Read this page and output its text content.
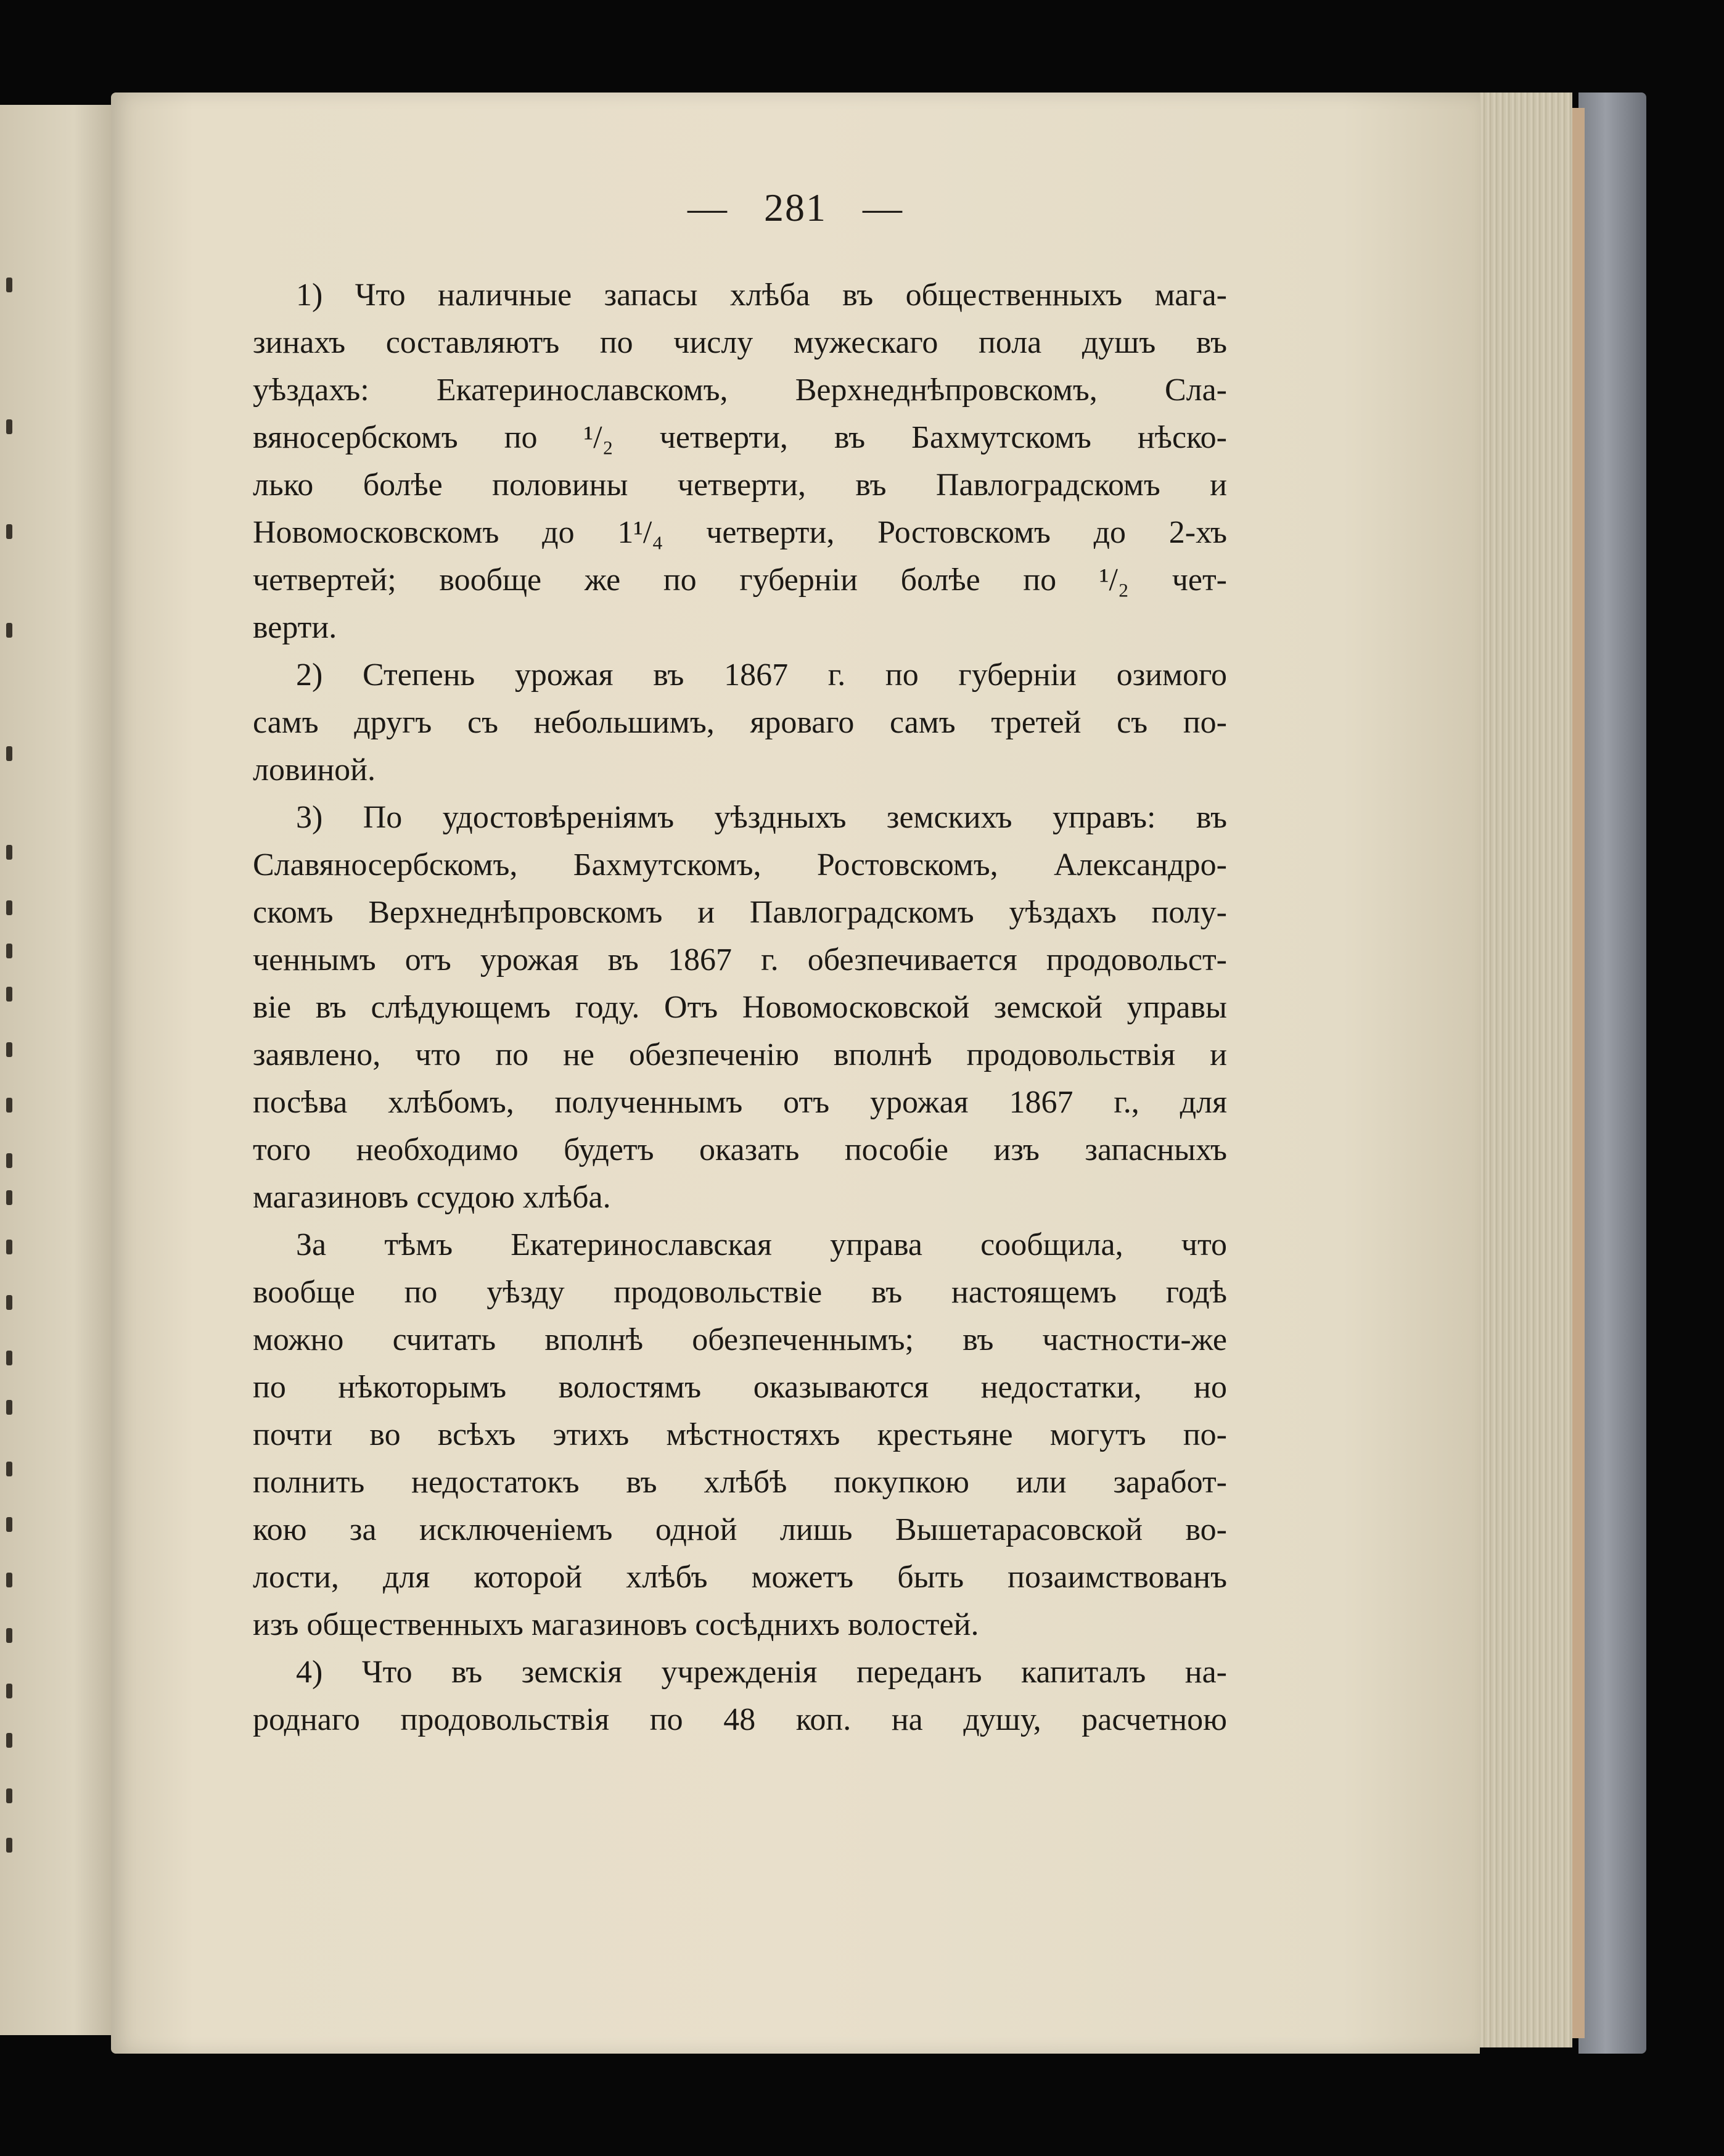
— 281 —
1) Что наличные запасы хлѣба въ общественныхъ мага-
зинахъ составляютъ по числу мужескаго пола душъ въ
уѣздахъ: Екатеринославскомъ, Верхнеднѣпровскомъ, Сла-
вяносербскомъ по ¹/₂ четверти, въ Бахмутскомъ нѣско-
лько болѣе половины четверти, въ Павлоградскомъ и
Новомосковскомъ до 1¹/₄ четверти, Ростовскомъ до 2-хъ
четвертей; вообще же по губерніи болѣе по ¹/₂ чет-
верти.
2) Степень урожая въ 1867 г. по губерніи озимого
самъ другъ съ небольшимъ, яроваго самъ третей съ по-
ловиной.
3) По удостовѣреніямъ уѣздныхъ земскихъ управъ: въ
Славяносербскомъ, Бахмутскомъ, Ростовскомъ, Александро-
скомъ Верхнеднѣпровскомъ и Павлоградскомъ уѣздахъ полу-
ченнымъ отъ урожая въ 1867 г. обезпечивается продовольст-
віе въ слѣдующемъ году. Отъ Новомосковской земской управы
заявлено, что по не обезпеченію вполнѣ продовольствія и
посѣва хлѣбомъ, полученнымъ отъ урожая 1867 г., для
того необходимо будетъ оказать пособіе изъ запасныхъ
магазиновъ ссудою хлѣба.
За тѣмъ Екатеринославская управа сообщила, что
вообще по уѣзду продовольствіе въ настоящемъ годѣ
можно считать вполнѣ обезпеченнымъ; въ частности-же
по нѣкоторымъ волостямъ оказываются недостатки, но
почти во всѣхъ этихъ мѣстностяхъ крестьяне могутъ по-
полнить недостатокъ въ хлѣбѣ покупкою или заработ-
кою за исключеніемъ одной лишь Вышетарасовской во-
лости, для которой хлѣбъ можетъ быть позаимствованъ
изъ общественныхъ магазиновъ сосѣднихъ волостей.
4) Что въ земскія учрежденія переданъ капиталъ на-
роднаго продовольствія по 48 коп. на душу, расчетною
